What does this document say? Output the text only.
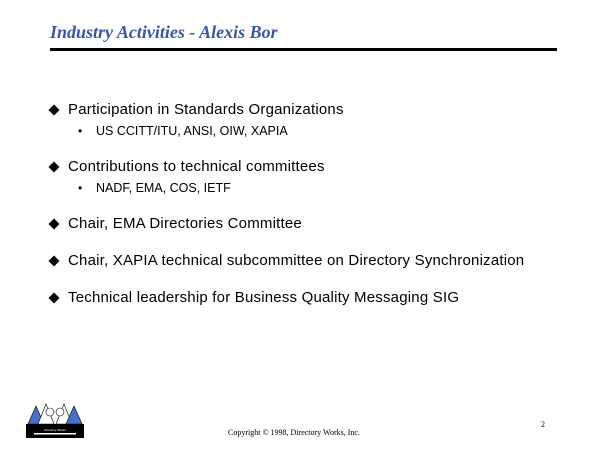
Industry Activities - Alexis Bor
Participation in Standards Organizations
• US CCITT/ITU, ANSI, OIW, XAPIA
Contributions to technical committees
• NADF, EMA, COS, IETF
Chair, EMA Directories Committee
Chair, XAPIA technical subcommittee on Directory Synchronization
Technical leadership for Business Quality Messaging SIG
Directory Works	Copyright © 1998, Directory Works, Inc.
2
